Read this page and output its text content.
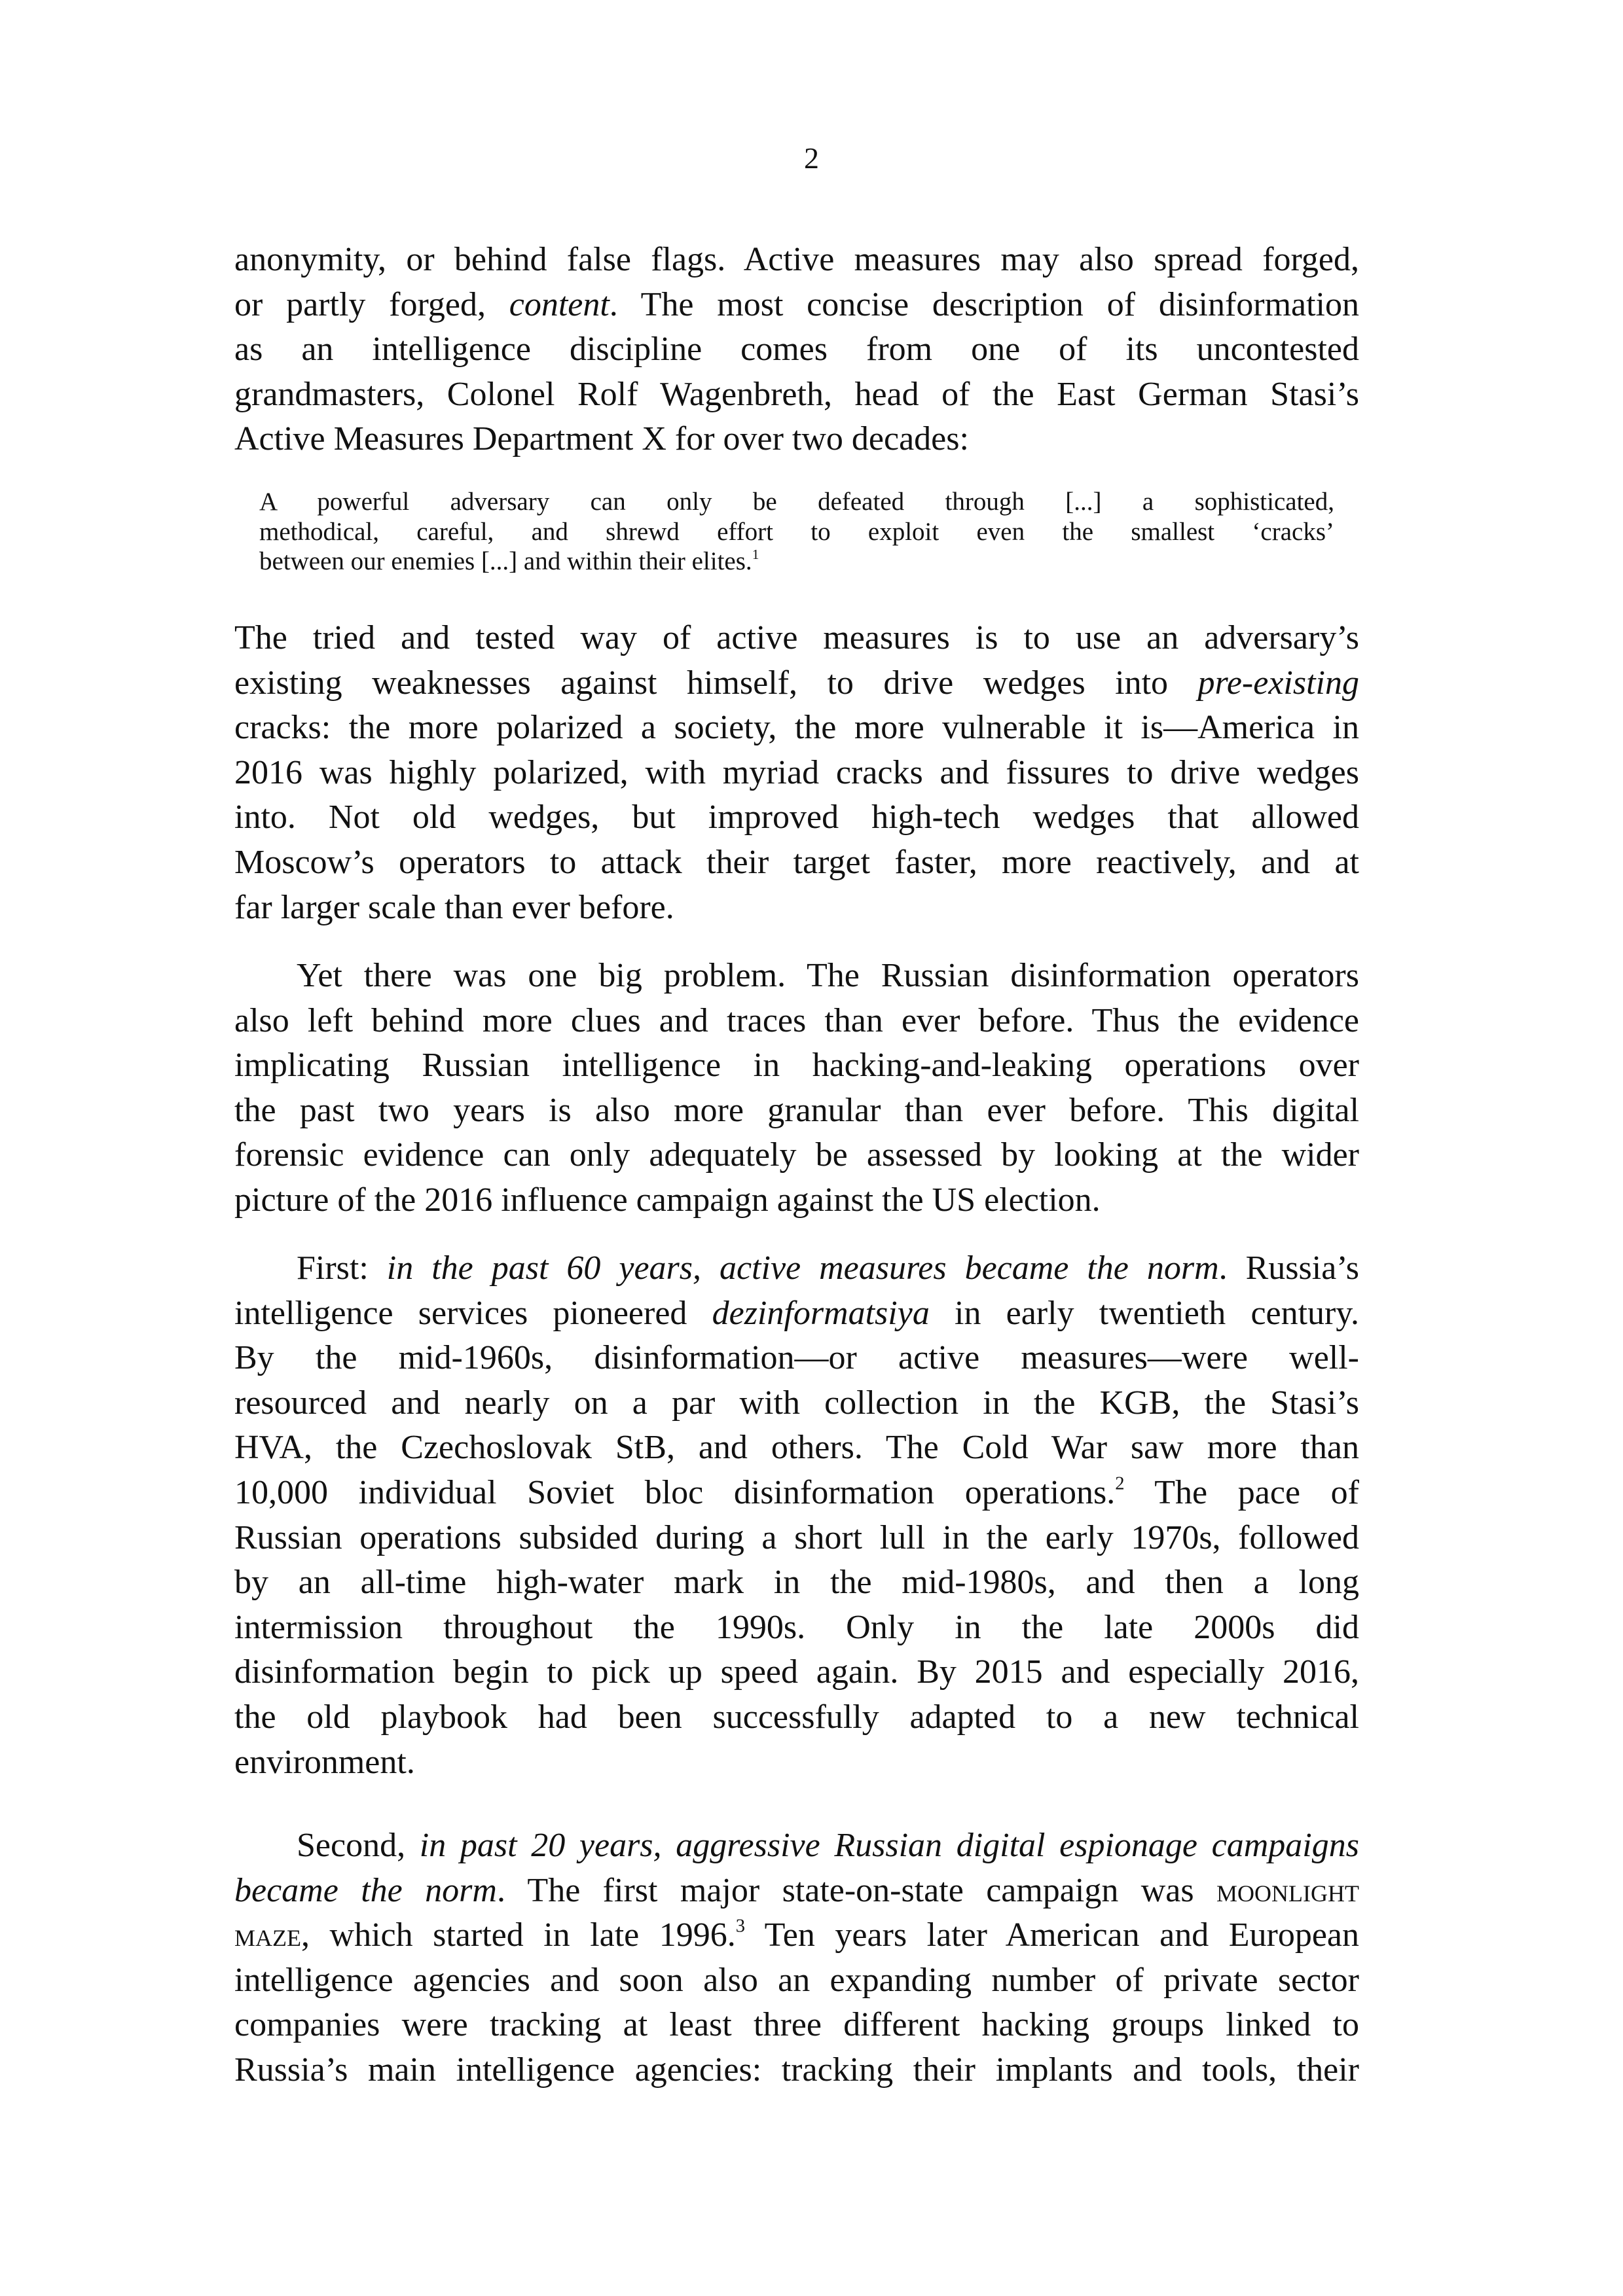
2
anonymity, or behind false flags. Active measures may also spread forged,
or partly forged, content. The most concise description of disinformation
as an intelligence discipline comes from one of its uncontested
grandmasters, Colonel Rolf Wagenbreth, head of the East German Stasi’s
Active Measures Department X for over two decades:
A powerful adversary can only be defeated through [...] a sophisticated,
methodical, careful, and shrewd effort to exploit even the smallest ‘cracks’
between our enemies [...] and within their elites.$^1$
The tried and tested way of active measures is to use an adversary’s
existing weaknesses against himself, to drive wedges into pre-existing
cracks: the more polarized a society, the more vulnerable it is—America in
2016 was highly polarized, with myriad cracks and fissures to drive wedges
into. Not old wedges, but improved high-tech wedges that allowed
Moscow’s operators to attack their target faster, more reactively, and at
far larger scale than ever before.
Yet there was one big problem. The Russian disinformation operators
also left behind more clues and traces than ever before. Thus the evidence
implicating Russian intelligence in hacking-and-leaking operations over
the past two years is also more granular than ever before. This digital
forensic evidence can only adequately be assessed by looking at the wider
picture of the 2016 influence campaign against the US election.
First: in the past 60 years, active measures became the norm. Russia’s
intelligence services pioneered dezinformatsiya in early twentieth century.
By the mid-1960s, disinformation—or active measures—were well-
resourced and nearly on a par with collection in the KGB, the Stasi’s
HVA, the Czechoslovak StB, and others. The Cold War saw more than
10,000 individual Soviet bloc disinformation operations.$^2$ The pace of
Russian operations subsided during a short lull in the early 1970s, followed
by an all-time high-water mark in the mid-1980s, and then a long
intermission throughout the 1990s. Only in the late 2000s did
disinformation begin to pick up speed again. By 2015 and especially 2016,
the old playbook had been successfully adapted to a new technical
environment.
Second, in past 20 years, aggressive Russian digital espionage campaigns
became the norm. The first major state-on-state campaign was moonlight
maze, which started in late 1996.$^3$ Ten years later American and European
intelligence agencies and soon also an expanding number of private sector
companies were tracking at least three different hacking groups linked to
Russia’s main intelligence agencies: tracking their implants and tools, their
